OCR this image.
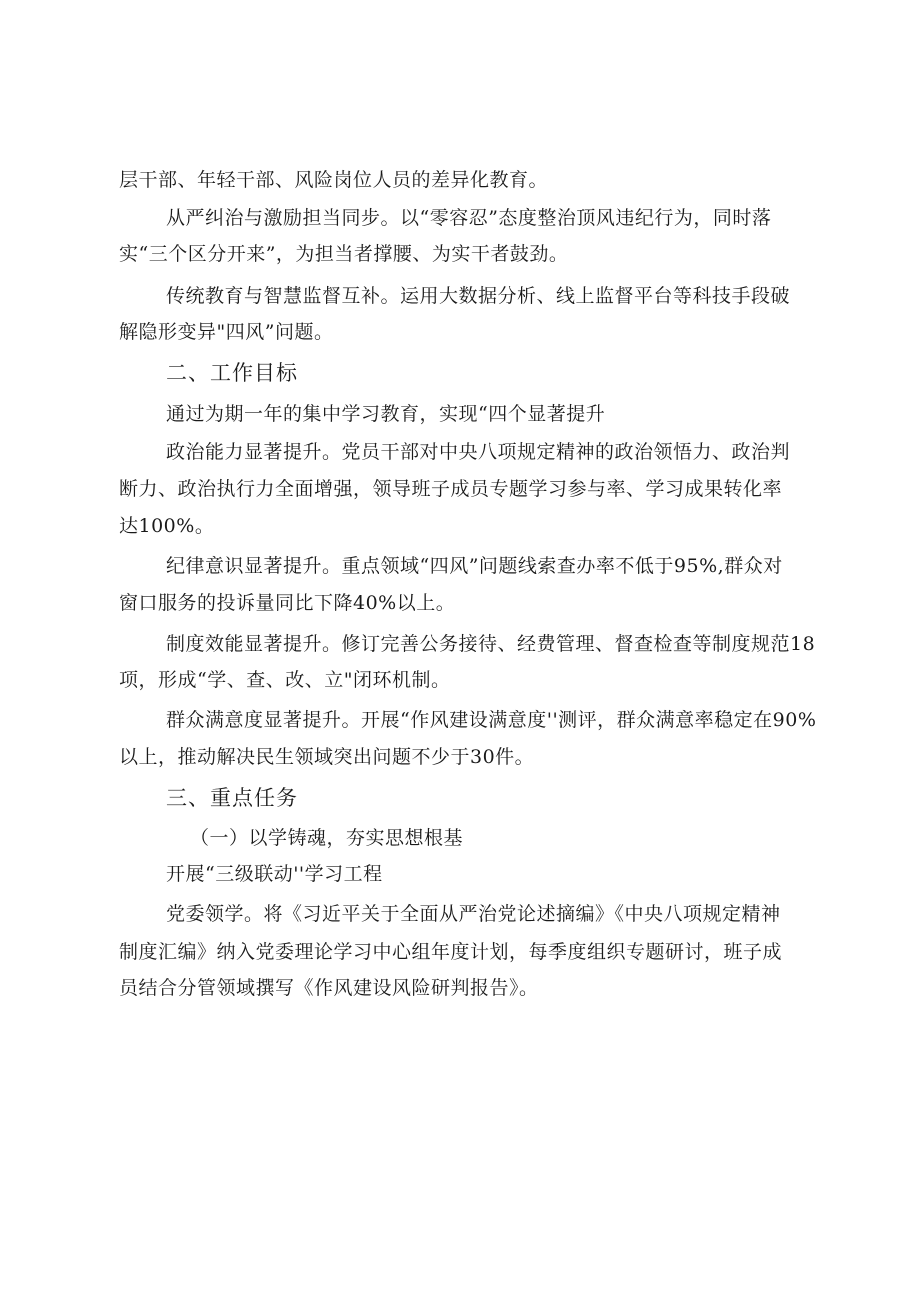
层干部、年轻干部、风险岗位人员的差异化教育。
从严纠治与激励担当同步。以“零容忍”态度整治顶风违纪行为，同时落
实“三个区分开来”，为担当者撑腰、为实干者鼓劲。
传统教育与智慧监督互补。运用大数据分析、线上监督平台等科技手段破
解隐形变异"四风”问题。
二、工作目标
通过为期一年的集中学习教育，实现“四个显著提升
政治能力显著提升。党员干部对中央八项规定精神的政治领悟力、政治判
断力、政治执行力全面增强，领导班子成员专题学习参与率、学习成果转化率
达100%。
纪律意识显著提升。重点领域“四风”问题线索查办率不低于95%,群众对
窗口服务的投诉量同比下降40%以上。
制度效能显著提升。修订完善公务接待、经费管理、督查检查等制度规范18
项，形成“学、查、改、立"闭环机制。
群众满意度显著提升。开展“作风建设满意度''测评，群众满意率稳定在90%
以上，推动解决民生领域突出问题不少于30件。
三、重点任务
（一）以学铸魂，夯实思想根基
开展“三级联动''学习工程
党委领学。将《习近平关于全面从严治党论述摘编》《中央八项规定精神
制度汇编》纳入党委理论学习中心组年度计划，每季度组织专题研讨，班子成
员结合分管领域撰写《作风建设风险研判报告》。
